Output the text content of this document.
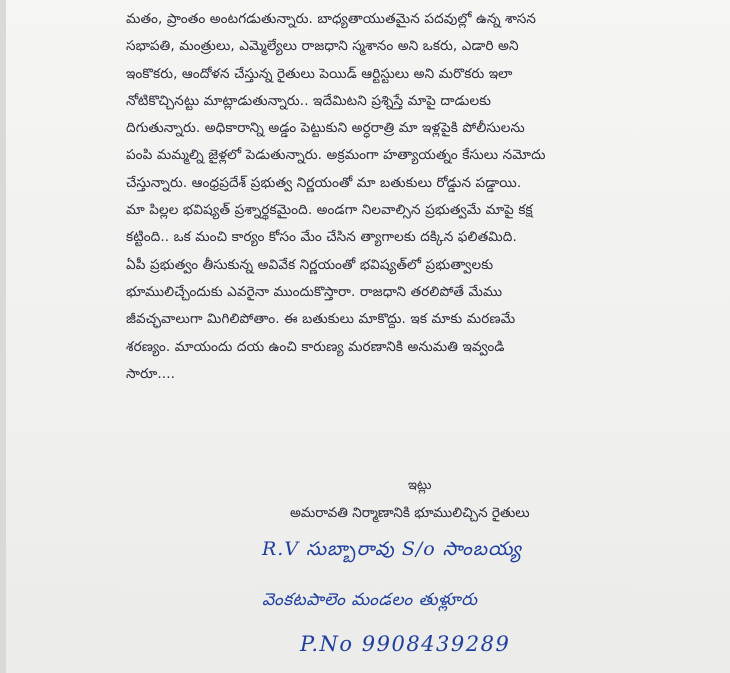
మతం, ప్రాంతం అంటగడుతున్నారు. బాధ్యతాయుతమైన పదవుల్లో ఉన్న శాసన
సభాపతి, మంత్రులు, ఎమ్మెల్యేలు రాజధాని స్మశానం అని ఒకరు, ఎడారి అని
ఇంకొకరు, ఆందోళన చేస్తున్న రైతులు పెయిడ్ ఆర్టిస్టులు అని మరొకరు ఇలా
నోటికొచ్చినట్టు మాట్లాడుతున్నారు.. ఇదేమిటని ప్రశ్నిస్తే మాపై దాడులకు
దిగుతున్నారు. అధికారాన్ని అడ్డం పెట్టుకుని అర్ధరాత్రి మా ఇళ్లపైకి పోలీసులను
పంపి మమ్మల్ని జైళ్లలో పెడుతున్నారు. అక్రమంగా హత్యాయత్నం కేసులు నమోదు
చేస్తున్నారు. ఆంధ్రప్రదేశ్ ప్రభుత్వ నిర్ణయంతో మా బతుకులు రోడ్డున పడ్డాయి.
మా పిల్లల భవిష్యత్ ప్రశ్నార్థకమైంది. అండగా నిలవాల్సిన ప్రభుత్వమే మాపై కక్ష
కట్టింది.. ఒక మంచి కార్యం కోసం మేం చేసిన త్యాగాలకు దక్కిన ఫలితమిది.
ఏపీ ప్రభుత్వం తీసుకున్న అవివేక నిర్ణయంతో భవిష్యత్‌లో ప్రభుత్వాలకు
భూములిచ్చేందుకు ఎవరైనా ముందుకొస్తారా. రాజధాని తరలిపోతే మేము
జీవచ్ఛవాలుగా మిగిలిపోతాం. ఈ బతుకులు మాకొద్దు. ఇక మాకు మరణమే
శరణ్యం. మాయందు దయ ఉంచి కారుణ్య మరణానికి అనుమతి ఇవ్వండి
సారూ....
ఇట్లు
అమరావతి నిర్మాణానికి భూములిచ్చిన రైతులు
R.V సుబ్బారావు S/o సాంబయ్య
వెంకటపాలెం మండలం తుళ్లూరు
P.No 9908439289
